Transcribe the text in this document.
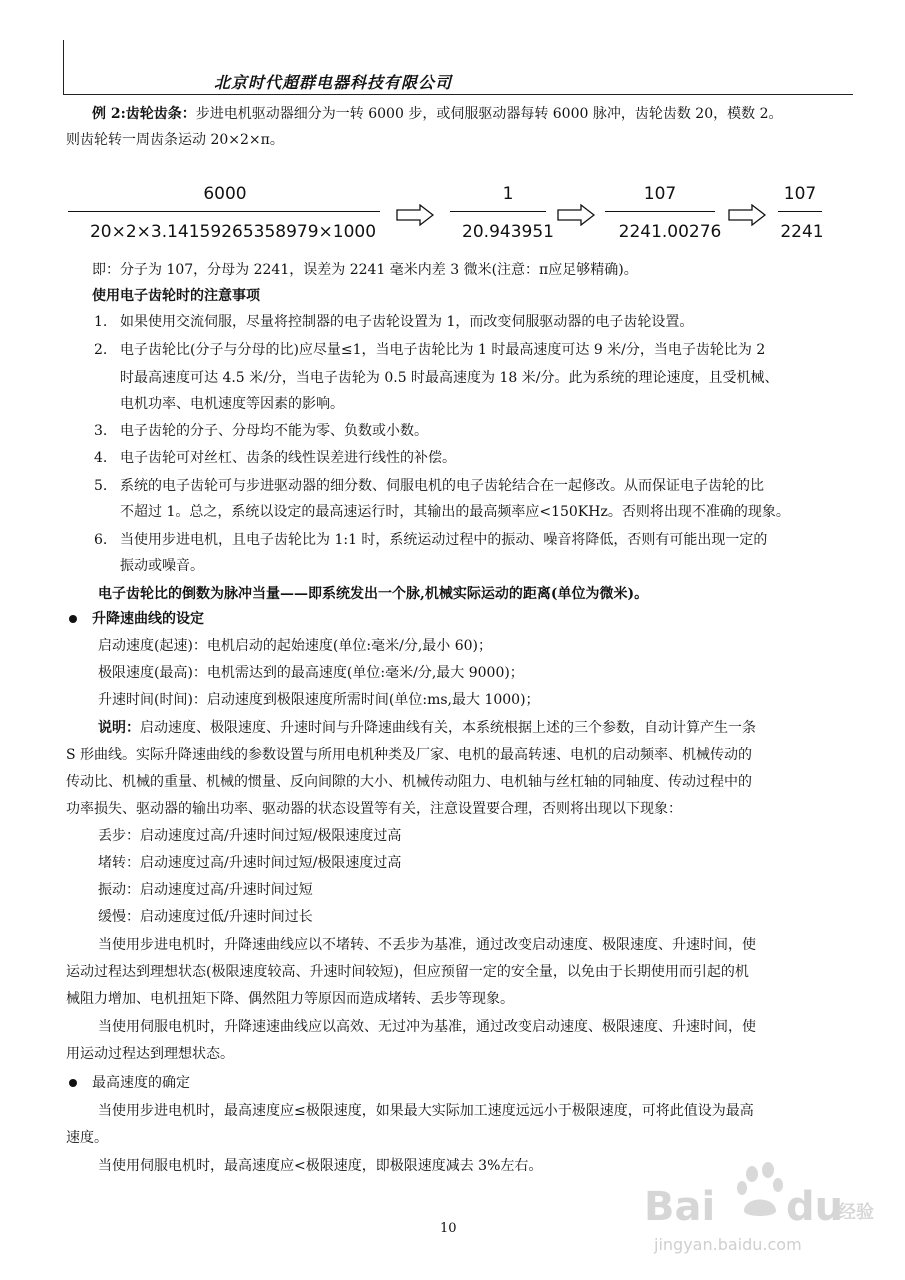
北京时代超群电器科技有限公司
例 2:齿轮齿条：步进电机驱动器细分为一转 6000 步，或伺服驱动器每转 6000 脉冲，齿轮齿数 20，模数 2。
则齿轮转一周齿条运动 20×2×π。
6000
20×2×3.14159265358979×1000
1
20.943951
107
2241.00276
107
2241
即：分子为 107，分母为 2241，误差为 2241 毫米内差 3 微米(注意：π应足够精确)。
使用电子齿轮时的注意事项
1. 如果使用交流伺服，尽量将控制器的电子齿轮设置为 1，而改变伺服驱动器的电子齿轮设置。
2. 电子齿轮比(分子与分母的比)应尽量≤1，当电子齿轮比为 1 时最高速度可达 9 米/分，当电子齿轮比为 2
时最高速度可达 4.5 米/分，当电子齿轮为 0.5 时最高速度为 18 米/分。此为系统的理论速度，且受机械、
电机功率、电机速度等因素的影响。
3. 电子齿轮的分子、分母均不能为零、负数或小数。
4. 电子齿轮可对丝杠、齿条的线性误差进行线性的补偿。
5. 系统的电子齿轮可与步进驱动器的细分数、伺服电机的电子齿轮结合在一起修改。从而保证电子齿轮的比
不超过 1。总之，系统以设定的最高速运行时，其输出的最高频率应<150KHz。否则将出现不准确的现象。
6. 当使用步进电机，且电子齿轮比为 1:1 时，系统运动过程中的振动、噪音将降低，否则有可能出现一定的
振动或噪音。
电子齿轮比的倒数为脉冲当量——即系统发出一个脉,机械实际运动的距离(单位为微米)。
升降速曲线的设定
启动速度(起速)：电机启动的起始速度(单位:毫米/分,最小 60)；
极限速度(最高)：电机需达到的最高速度(单位:毫米/分,最大 9000)；
升速时间(时间)：启动速度到极限速度所需时间(单位:ms,最大 1000)；
说明：启动速度、极限速度、升速时间与升降速曲线有关，本系统根据上述的三个参数，自动计算产生一条
S 形曲线。实际升降速曲线的参数设置与所用电机种类及厂家、电机的最高转速、电机的启动频率、机械传动的
传动比、机械的重量、机械的惯量、反向间隙的大小、机械传动阻力、电机轴与丝杠轴的同轴度、传动过程中的
功率损失、驱动器的输出功率、驱动器的状态设置等有关，注意设置要合理，否则将出现以下现象：
丢步：启动速度过高/升速时间过短/极限速度过高
堵转：启动速度过高/升速时间过短/极限速度过高
振动：启动速度过高/升速时间过短
缓慢：启动速度过低/升速时间过长
当使用步进电机时，升降速曲线应以不堵转、不丢步为基准，通过改变启动速度、极限速度、升速时间，使
运动过程达到理想状态(极限速度较高、升速时间较短)，但应预留一定的安全量，以免由于长期使用而引起的机
械阻力增加、电机扭矩下降、偶然阻力等原因而造成堵转、丢步等现象。
当使用伺服电机时，升降速速曲线应以高效、无过冲为基准，通过改变启动速度、极限速度、升速时间，使
用运动过程达到理想状态。
最高速度的确定
当使用步进电机时，最高速度应≤极限速度，如果最大实际加工速度远远小于极限速度，可将此值设为最高
速度。
当使用伺服电机时，最高速度应<极限速度，即极限速度减去 3%左右。
10	Bai du
经验
jingyan.baidu.com
